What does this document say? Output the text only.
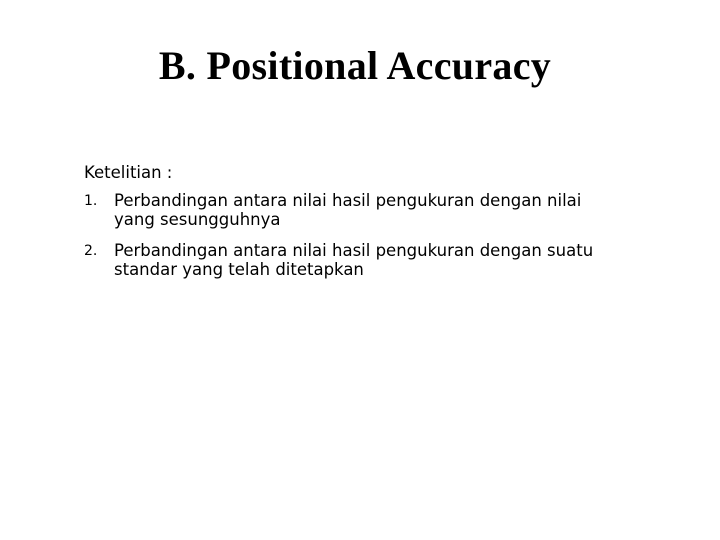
B. Positional Accuracy

Ketelitian :

1. Perbandingan antara nilai hasil pengukuran dengan nilai
yang sesungguhnya
2. Perbandingan antara nilai hasil pengukuran dengan suatu
standar yang telah ditetapkan
